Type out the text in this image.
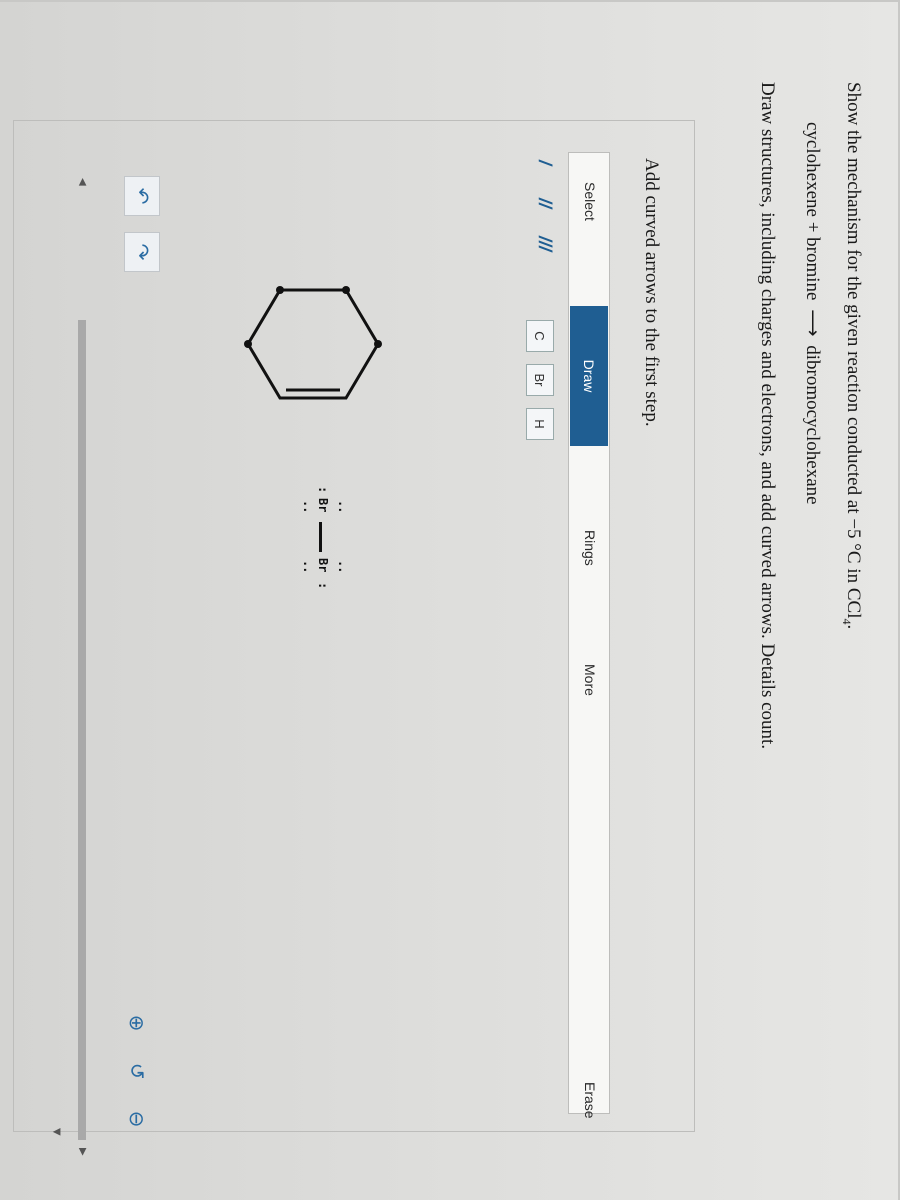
Show the mechanism for the given reaction conducted at −5 °C in CCl$_4$.
cyclohexene + bromine ⟶ dibromocyclohexane
Draw structures, including charges and electrons, and add curved arrows. Details count.
Add curved arrows to the first step.
Select
Draw
Rings
More
Erase
/
//
///
C
Br
H
:
Br ··
··
Br
:
··
··
↶
↷
⊕
↺
⊖
◀
▶
▼
